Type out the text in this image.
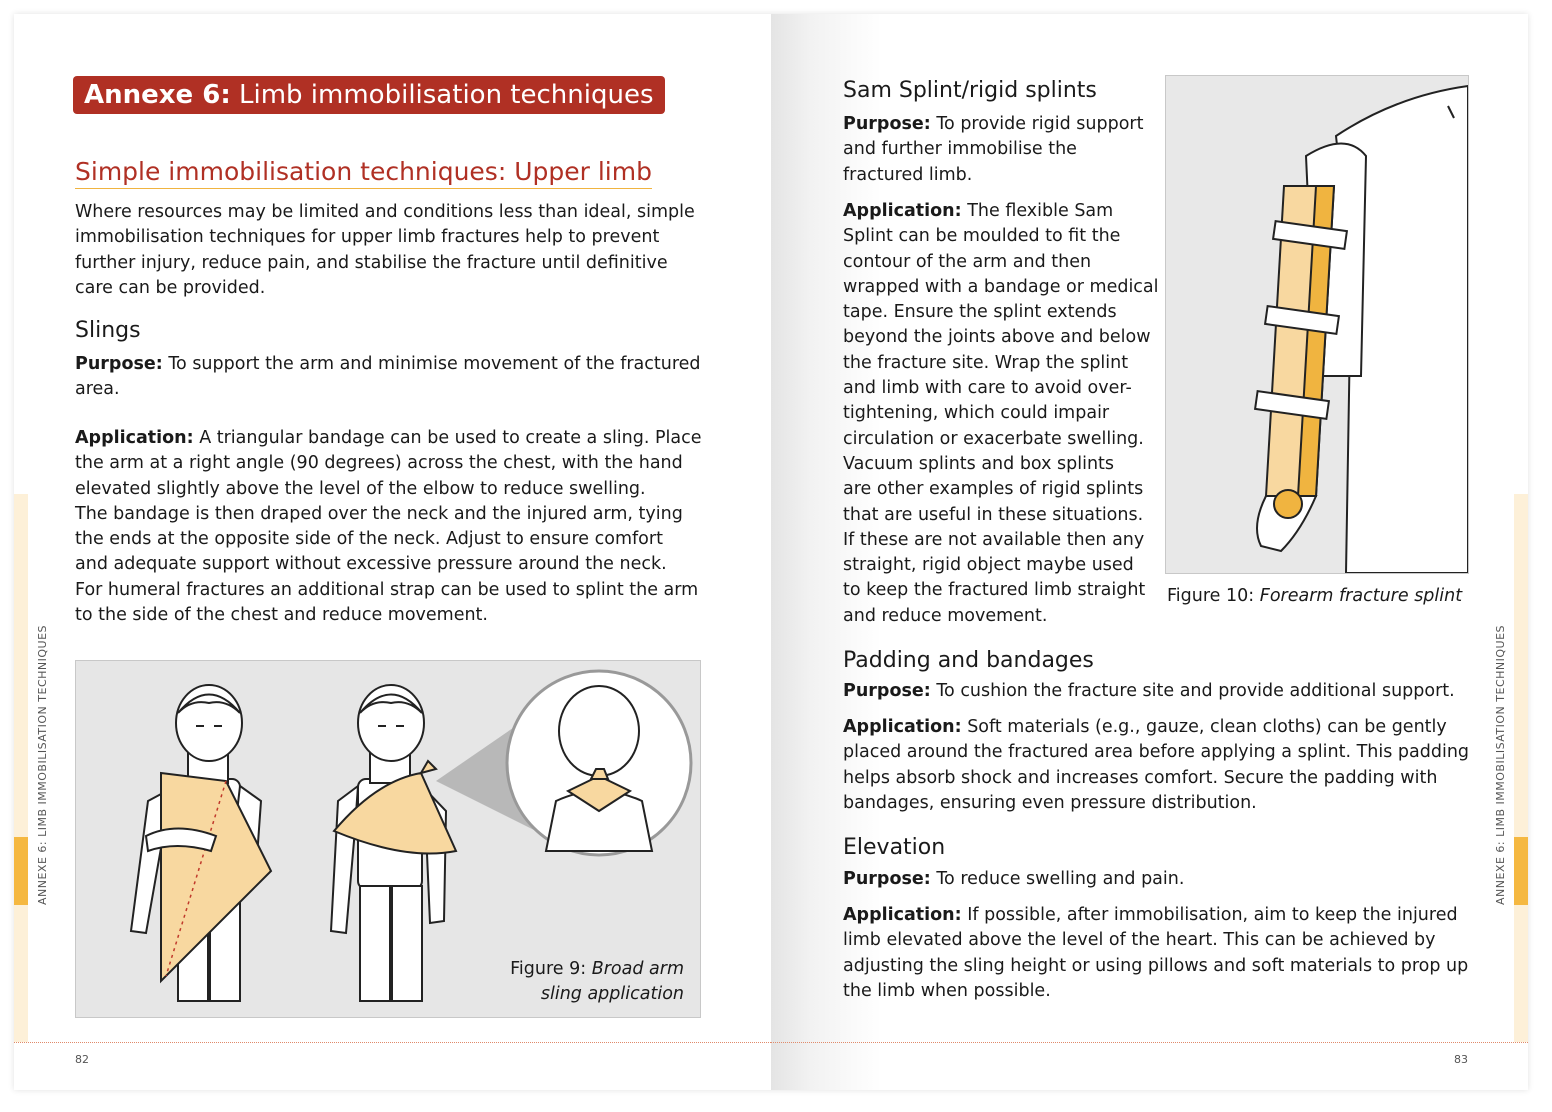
ANNEXE 6: LIMB IMMOBILISATION TECHNIQUES
Annexe 6: Limb immobilisation techniques
Simple immobilisation techniques: Upper limb

Where resources may be limited and conditions less than ideal, simple

immobilisation techniques for upper limb fractures help to prevent

further injury, reduce pain, and stabilise the fracture until definitive

care can be provided.

Slings

Purpose: To support the arm and minimise movement of the fractured

area.

Application: A triangular bandage can be used to create a sling. Place

the arm at a right angle (90 degrees) across the chest, with the hand

elevated slightly above the level of the elbow to reduce swelling.

The bandage is then draped over the neck and the injured arm, tying

the ends at the opposite side of the neck. Adjust to ensure comfort

and adequate support without excessive pressure around the neck.

For humeral fractures an additional strap can be used to splint the arm

to the side of the chest and reduce movement.

Figure 9: Broad arm
sling application
82
ANNEXE 6: LIMB IMMOBILISATION TECHNIQUES
Sam Splint/rigid splints

Purpose: To provide rigid support

and further immobilise the

fractured limb.

Application: The flexible Sam

Splint can be moulded to fit the

contour of the arm and then

wrapped with a bandage or medical

tape. Ensure the splint extends

beyond the joints above and below

the fracture site. Wrap the splint

and limb with care to avoid over-

tightening, which could impair

circulation or exacerbate swelling.

Vacuum splints and box splints

are other examples of rigid splints

that are useful in these situations.

If these are not available then any

straight, rigid object maybe used

to keep the fractured limb straight

and reduce movement.

Figure 10: Forearm fracture splint
Padding and bandages

Purpose: To cushion the fracture site and provide additional support.

Application: Soft materials (e.g., gauze, clean cloths) can be gently

placed around the fractured area before applying a splint. This padding

helps absorb shock and increases comfort. Secure the padding with

bandages, ensuring even pressure distribution.

Elevation

Purpose: To reduce swelling and pain.

Application: If possible, after immobilisation, aim to keep the injured

limb elevated above the level of the heart. This can be achieved by

adjusting the sling height or using pillows and soft materials to prop up

the limb when possible.

83
